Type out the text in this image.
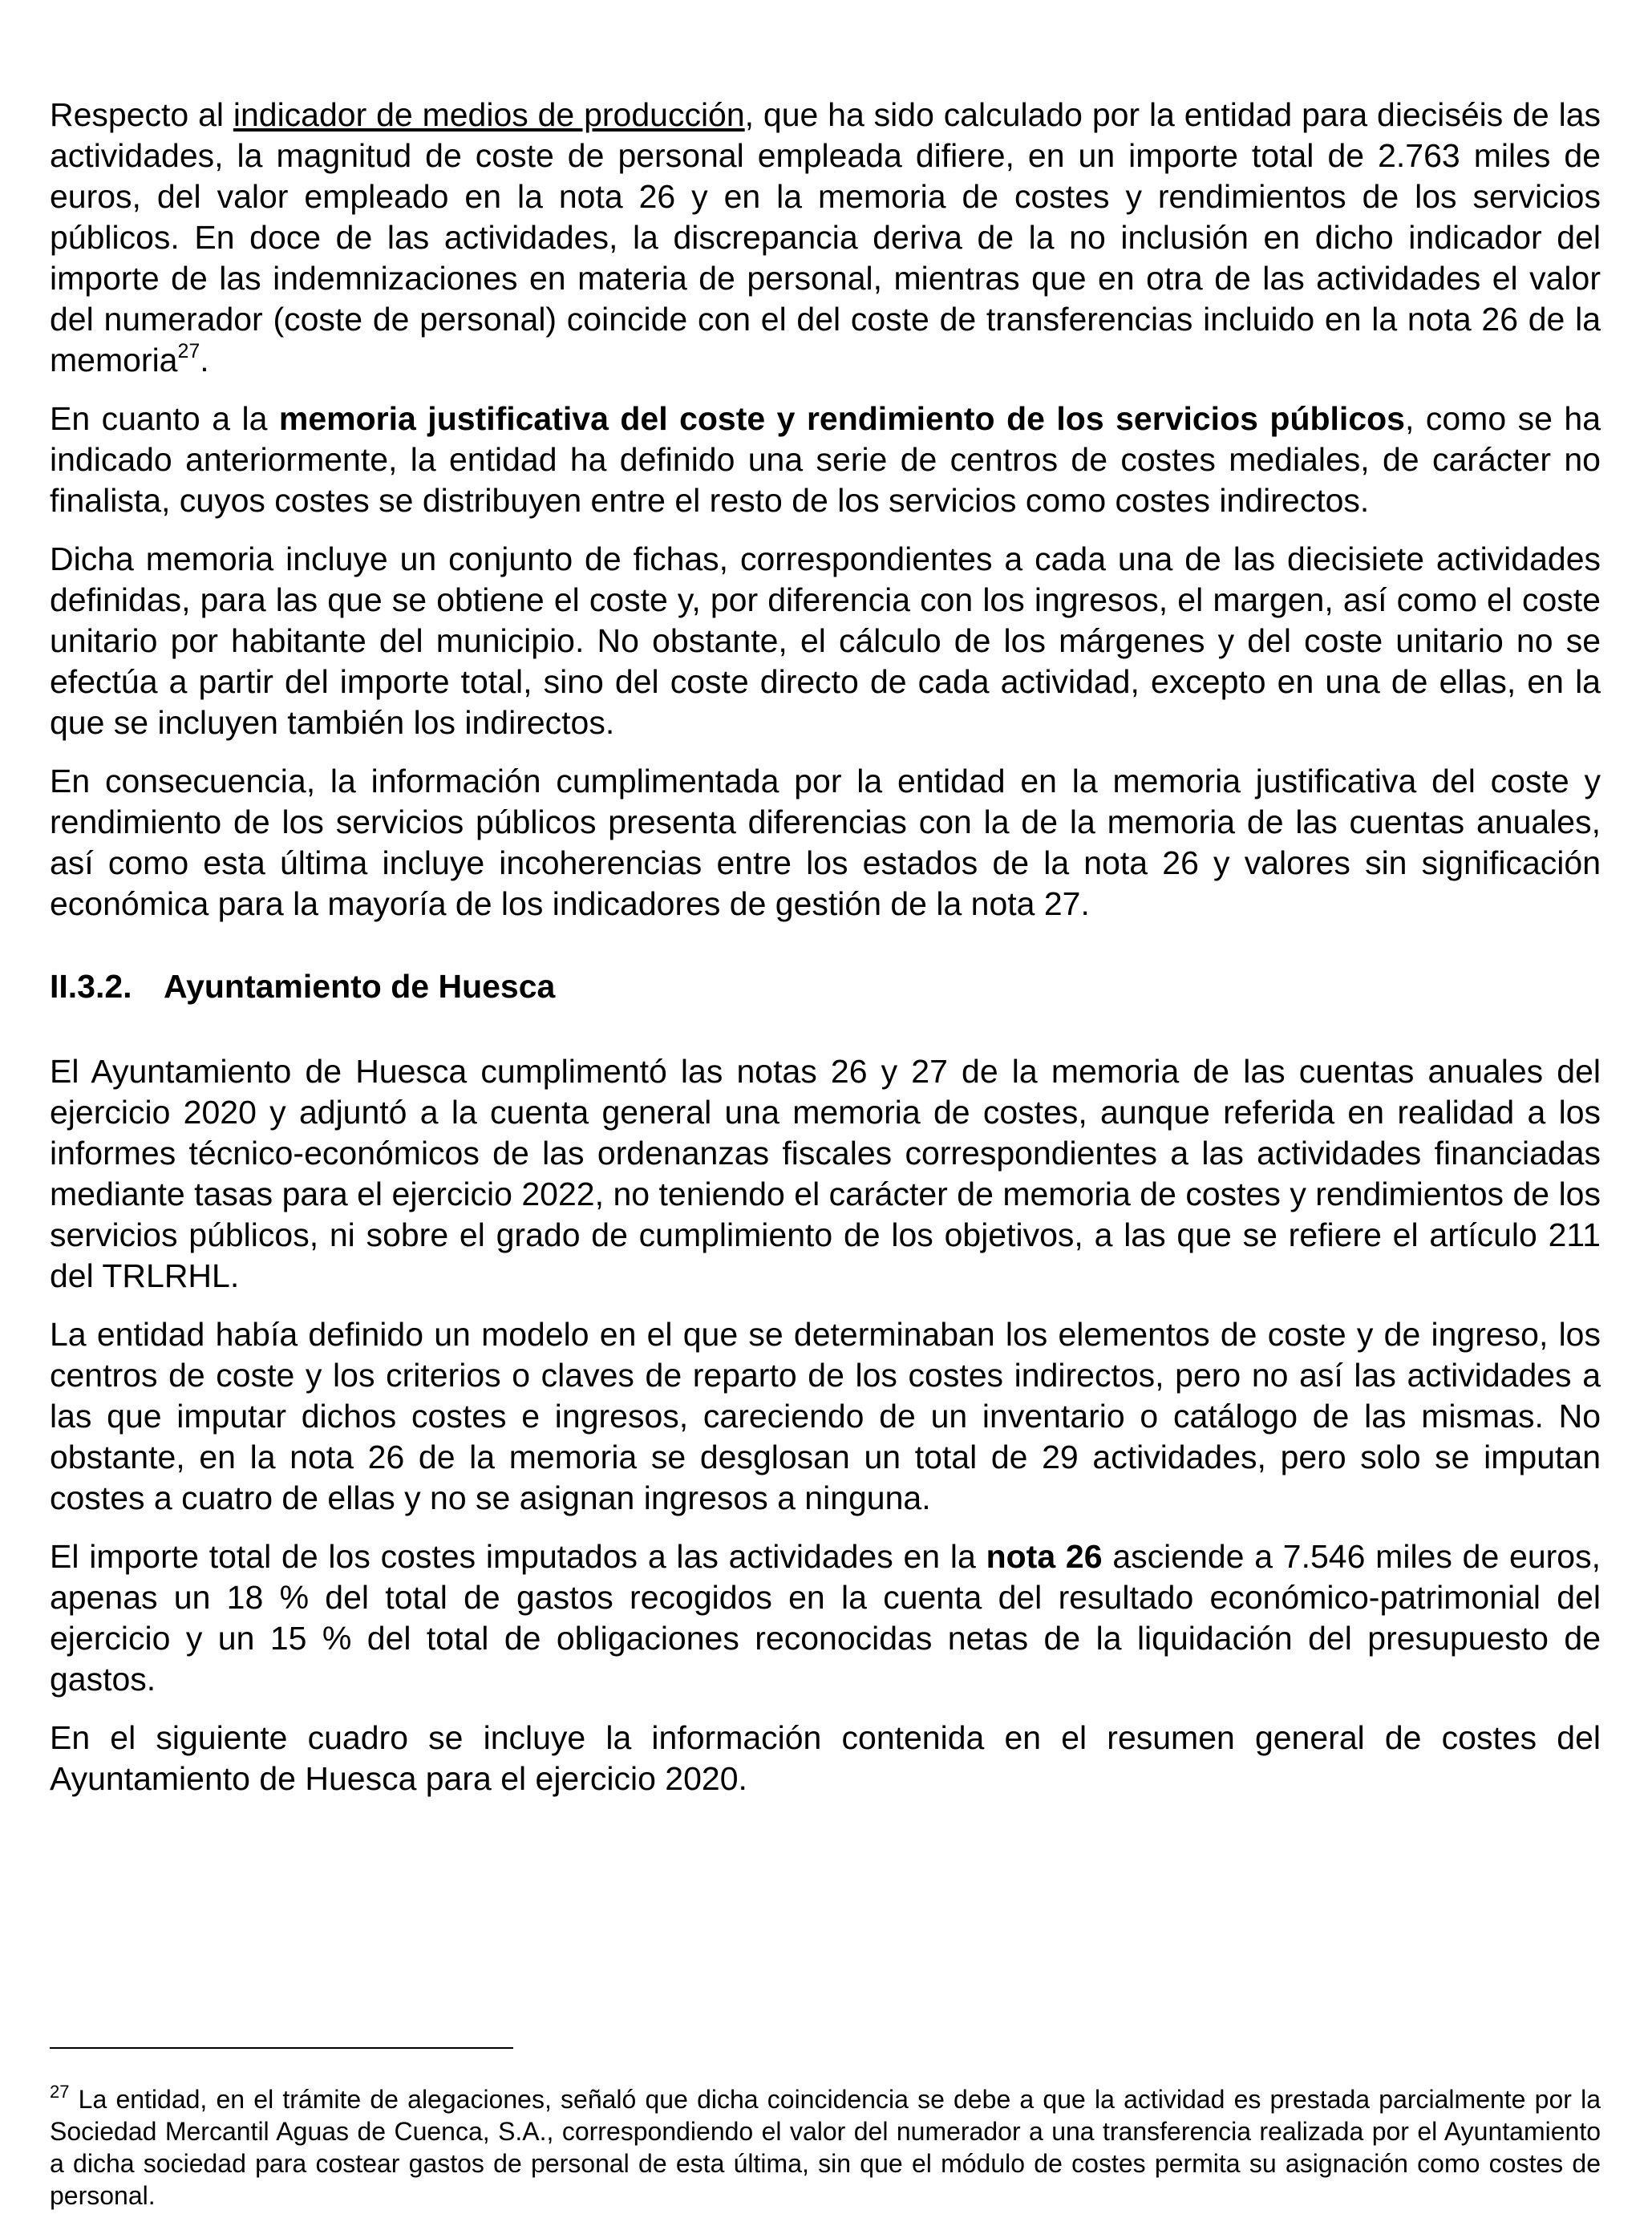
Respecto al indicador de medios de producción, que ha sido calculado por la entidad para dieciséis de las actividades, la magnitud de coste de personal empleada difiere, en un importe total de 2.763 miles de euros, del valor empleado en la nota 26 y en la memoria de costes y rendimientos de los servicios públicos. En doce de las actividades, la discrepancia deriva de la no inclusión en dicho indicador del importe de las indemnizaciones en materia de personal, mientras que en otra de las actividades el valor del numerador (coste de personal) coincide con el del coste de transferencias incluido en la nota 26 de la memoria$^{27}$.

En cuanto a la memoria justificativa del coste y rendimiento de los servicios públicos, como se ha indicado anteriormente, la entidad ha definido una serie de centros de costes mediales, de carácter no finalista, cuyos costes se distribuyen entre el resto de los servicios como costes indirectos.

Dicha memoria incluye un conjunto de fichas, correspondientes a cada una de las diecisiete actividades definidas, para las que se obtiene el coste y, por diferencia con los ingresos, el margen, así como el coste unitario por habitante del municipio. No obstante, el cálculo de los márgenes y del coste unitario no se efectúa a partir del importe total, sino del coste directo de cada actividad, excepto en una de ellas, en la que se incluyen también los indirectos.

En consecuencia, la información cumplimentada por la entidad en la memoria justificativa del coste y rendimiento de los servicios públicos presenta diferencias con la de la memoria de las cuentas anuales, así como esta última incluye incoherencias entre los estados de la nota 26 y valores sin significación económica para la mayoría de los indicadores de gestión de la nota 27.

II.3.2. Ayuntamiento de Huesca

El Ayuntamiento de Huesca cumplimentó las notas 26 y 27 de la memoria de las cuentas anuales del ejercicio 2020 y adjuntó a la cuenta general una memoria de costes, aunque referida en realidad a los informes técnico-económicos de las ordenanzas fiscales correspondientes a las actividades financiadas mediante tasas para el ejercicio 2022, no teniendo el carácter de memoria de costes y rendimientos de los servicios públicos, ni sobre el grado de cumplimiento de los objetivos, a las que se refiere el artículo 211 del TRLRHL.

La entidad había definido un modelo en el que se determinaban los elementos de coste y de ingreso, los centros de coste y los criterios o claves de reparto de los costes indirectos, pero no así las actividades a las que imputar dichos costes e ingresos, careciendo de un inventario o catálogo de las mismas. No obstante, en la nota 26 de la memoria se desglosan un total de 29 actividades, pero solo se imputan costes a cuatro de ellas y no se asignan ingresos a ninguna.

El importe total de los costes imputados a las actividades en la nota 26 asciende a 7.546 miles de euros, apenas un 18 % del total de gastos recogidos en la cuenta del resultado económico-patrimonial del ejercicio y un 15 % del total de obligaciones reconocidas netas de la liquidación del presupuesto de gastos.

En el siguiente cuadro se incluye la información contenida en el resumen general de costes del Ayuntamiento de Huesca para el ejercicio 2020.

$^{27}$ La entidad, en el trámite de alegaciones, señaló que dicha coincidencia se debe a que la actividad es prestada parcialmente por la Sociedad Mercantil Aguas de Cuenca, S.A., correspondiendo el valor del numerador a una transferencia realizada por el Ayuntamiento a dicha sociedad para costear gastos de personal de esta última, sin que el módulo de costes permita su asignación como costes de personal.
